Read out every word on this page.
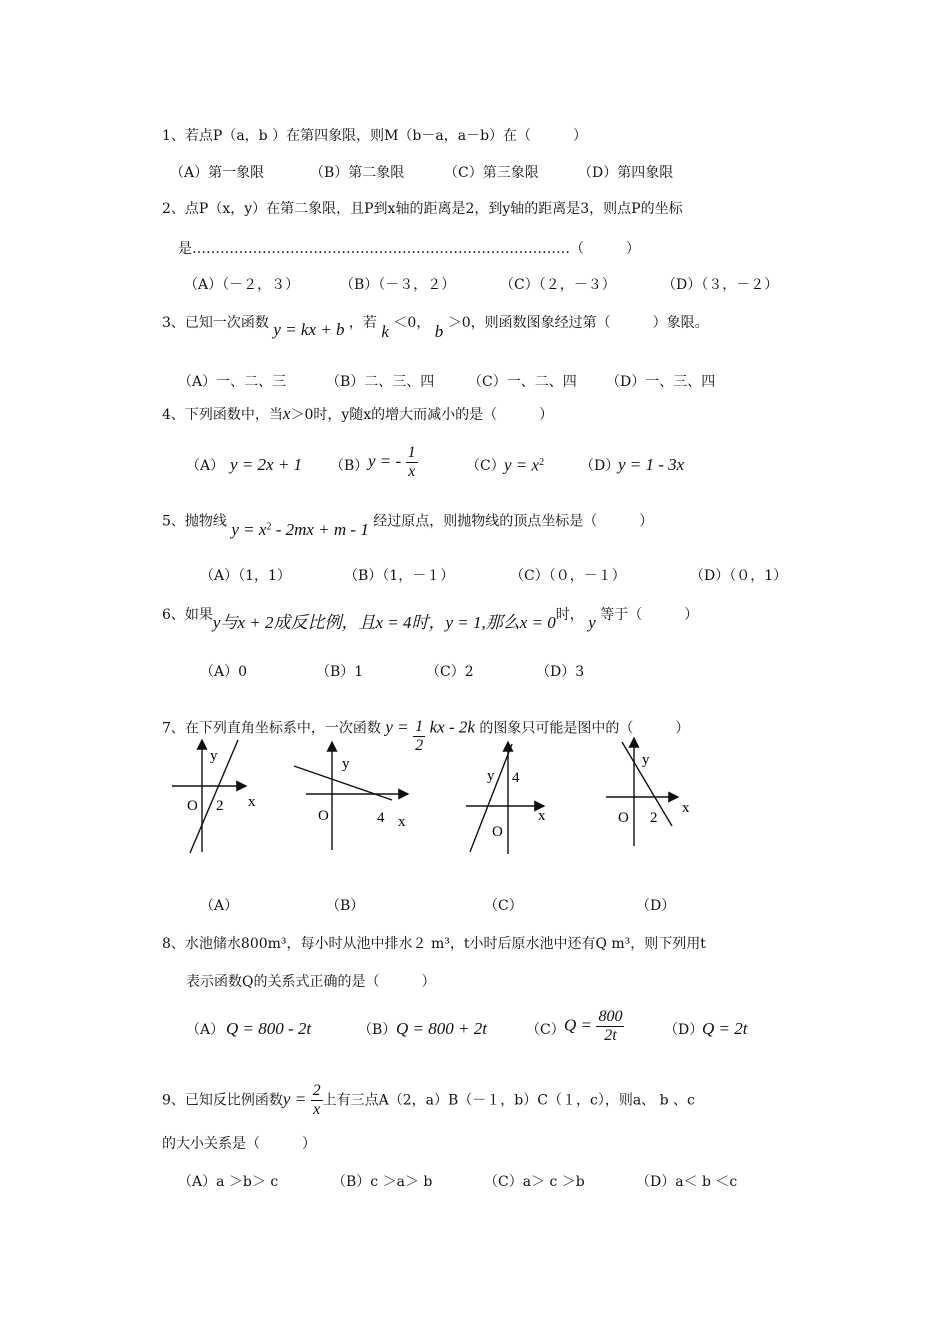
1、若点P（a，b ）在第四象限，则M（b－a，a－b）在（　　　）
（A）第一象限	（B）第二象限	（C）第三象限	（D）第四象限
2、点P（x，y）在第二象限，且P到x轴的距离是2，到y轴的距离是3，则点P的坐标
是………………………………………………………………………（　　　）
（A）（－２，３）	（B）（－３，２）	（C）（２，－３）	（D）（３，－２）
3、已知一次函数 y = kx + b ，若 k ＜0， b ＞0，则函数图象经过第（　　　）象限。
（A）一、二、三	（B）二、三、四 （C）一、二、四 （D）一、三、四
4、下列函数中，当x＞0时，y随x的增大而减小的是（　　　）
（A） y = 2x + 1 （B） y = - $\frac{1}{x}$	（C） $y = x^2$	（D）
y = 1 - 3x
5、抛物线 $y = x^2 - 2mx + m - 1$ 经过原点，则抛物线的顶点坐标是（　　　）
（A）（1，1）	（B）（1，－１）	（C）（０，－１）	（D）（０，1）
6、如果y与x + 2成反比例，且x = 4时，y = 1,那么x = 0时， y 等于（　　　）
（A）0	（B）1	（C）2	（D）3
7、在下列直角坐标系中，一次函数 $y = \frac{1}{2}$ kx - 2k 的图象只可能是图中的（　　　）
y
x
O 2
y
x
O	4
y 4
x
O
y
x
O 2
（A）	（B）	（C）	（D）
8、水池储水800m³，每小时从池中排水２ m³，t小时后原水池中还有Q m³，则下列用t
表示函数Q的关系式正确的是（　　　）
（A） Q = 800 - 2t	（B） Q = 800 + 2t	（C） $Q = \frac{800}{2t}$	（D）
Q = 2t
9、已知反比例函数$y = \frac{2}{x}$ 上有三点A（2，a）B（－１，b）C（１，c），则a、 b 、c
的大小关系是（　　　）
（A）a ＞b＞ c	（B）c ＞a＞ b	（C）a＞ c ＞b	（D）a＜ b ＜c
